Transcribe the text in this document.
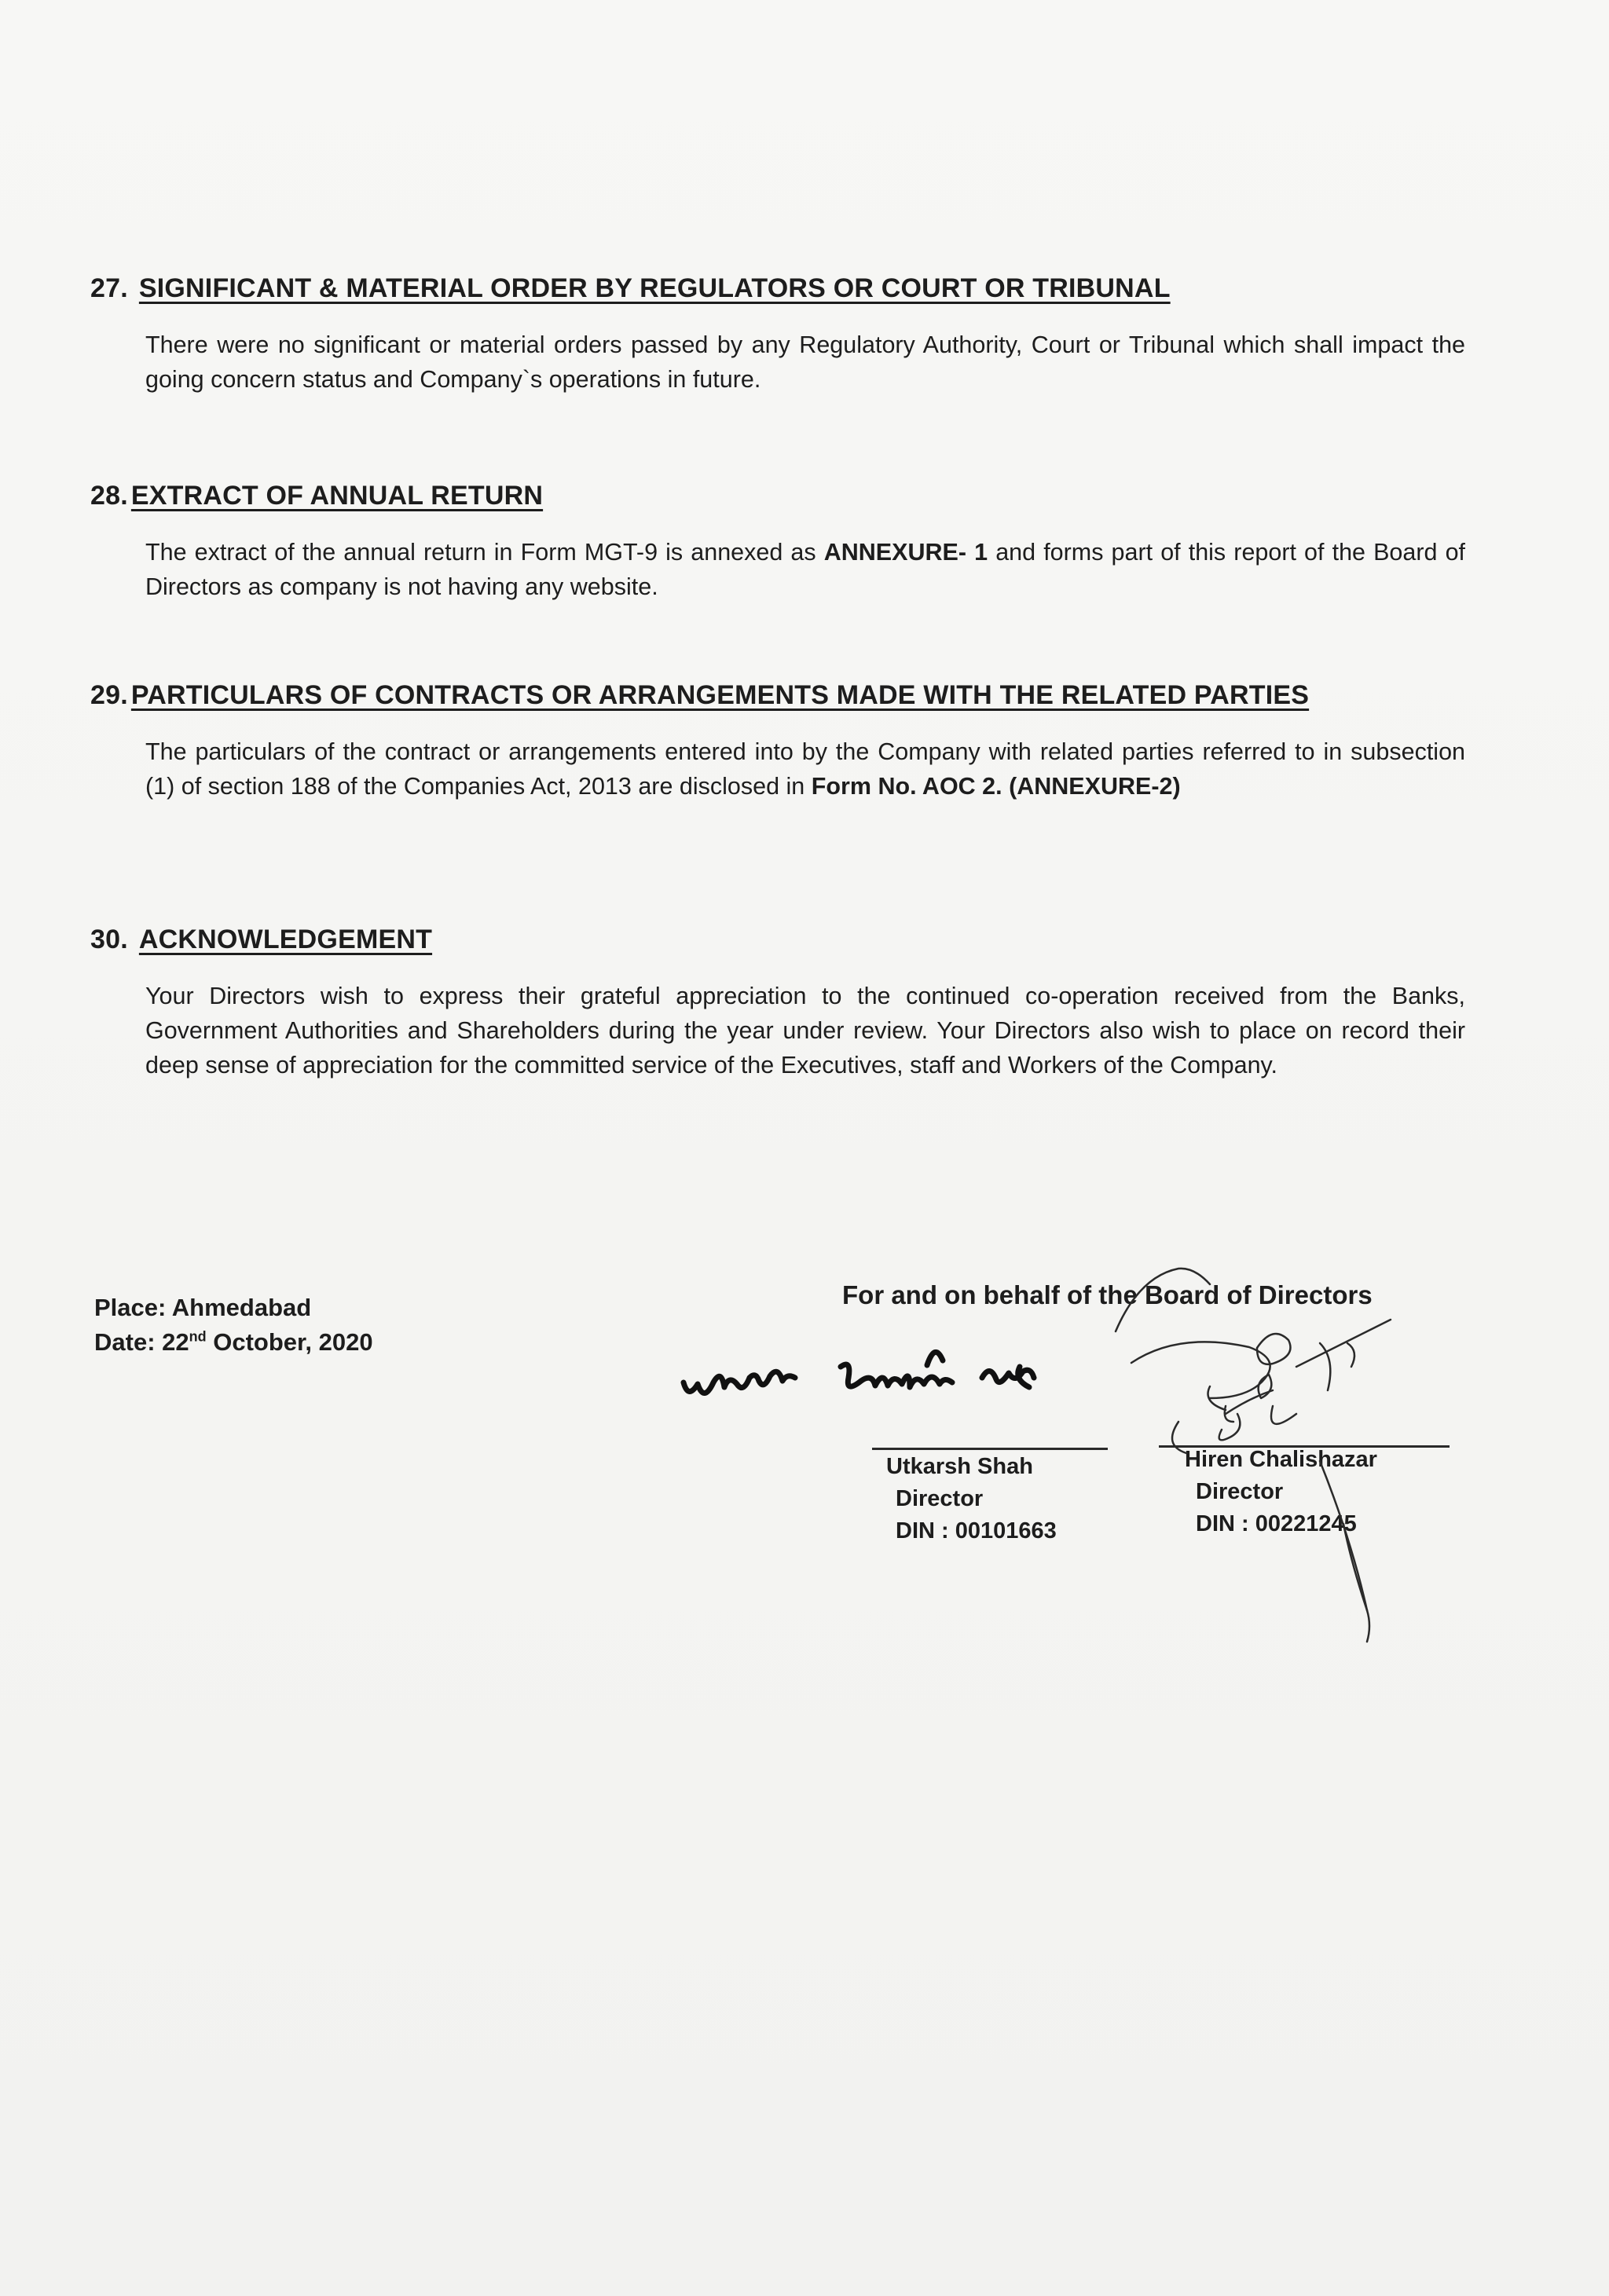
27. SIGNIFICANT & MATERIAL ORDER BY REGULATORS OR COURT OR TRIBUNAL
There were no significant or material orders passed by any Regulatory Authority, Court or Tribunal which shall impact the going concern status and Company`s operations in future.
28. EXTRACT OF ANNUAL RETURN
The extract of the annual return in Form MGT-9 is annexed as ANNEXURE- 1 and forms part of this report of the Board of Directors as company is not having any website.
29. PARTICULARS OF CONTRACTS OR ARRANGEMENTS MADE WITH THE RELATED PARTIES
The particulars of the contract or arrangements entered into by the Company with related parties referred to in subsection (1) of section 188 of the Companies Act, 2013 are disclosed in Form No. AOC 2. (ANNEXURE-2)
30. ACKNOWLEDGEMENT
Your Directors wish to express their grateful appreciation to the continued co-operation received from the Banks, Government Authorities and Shareholders during the year under review. Your Directors also wish to place on record their deep sense of appreciation for the committed service of the Executives, staff and Workers of the Company.
Place: Ahmedabad
Date: 22nd October, 2020
For and on behalf of the Board of Directors
Utkarsh Shah
Director
DIN : 00101663
Hiren Chalishazar
Director
DIN : 00221245
